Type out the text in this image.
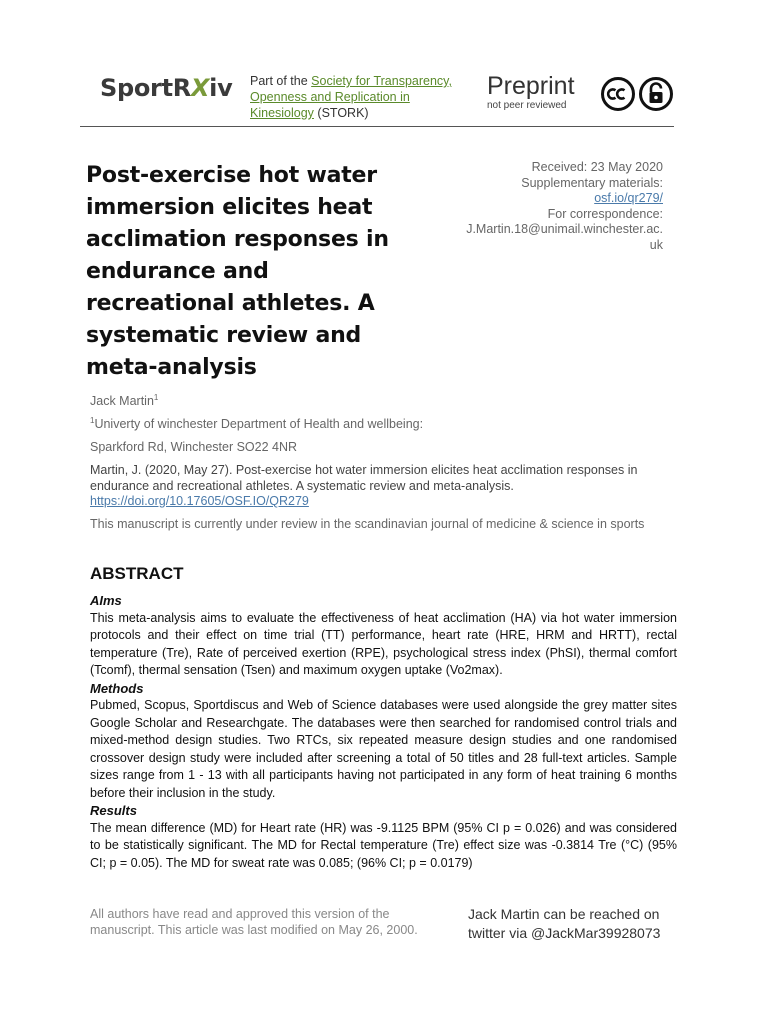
SportRXiv Part of the Society for Transparency, Openness and Replication in Kinesiology (STORK)
Preprint
not peer reviewed
Post-exercise hot water immersion elicites heat acclimation responses in endurance and recreational athletes. A systematic review and meta-analysis
Received: 23 May 2020
Supplementary materials:
osf.io/qr279/
For correspondence:
J.Martin.18@unimail.winchester.ac.uk
Jack Martin$^1$
$^1$Univerty of winchester Department of Health and wellbeing:
Sparkford Rd, Winchester SO22 4NR
Martin, J. (2020, May 27). Post-exercise hot water immersion elicites heat acclimation responses in endurance and recreational athletes. A systematic review and meta-analysis.
https://doi.org/10.17605/OSF.IO/QR279
This manuscript is currently under review in the scandinavian journal of medicine & science in sports
ABSTRACT
AIms

This meta-analysis aims to evaluate the effectiveness of heat acclimation (HA) via hot water immersion protocols and their effect on time trial (TT) performance, heart rate (HRE, HRM and HRTT), rectal temperature (Tre), Rate of perceived exertion (RPE), psychological stress index (PhSI), thermal comfort (Tcomf), thermal sensation (Tsen) and maximum oxygen uptake (Vo2max).

Methods

Pubmed, Scopus, Sportdiscus and Web of Science databases were used alongside the grey matter sites Google Scholar and Researchgate. The databases were then searched for randomised control trials and mixed-method design studies. Two RTCs, six repeated measure design studies and one randomised crossover design study were included after screening a total of 50 titles and 28 full-text articles. Sample sizes range from 1 - 13 with all participants having not participated in any form of heat training 6 months before their inclusion in the study.

Results

The mean difference (MD) for Heart rate (HR) was -9.1125 BPM (95% CI p = 0.026) and was considered to be statistically significant. The MD for Rectal temperature (Tre) effect size was -0.3814 Tre (°C) (95% CI; p = 0.05). The MD for sweat rate was 0.085; (96% CI; p = 0.0179)

All authors have read and approved this version of the manuscript. This article was last modified on May 26, 2000.
Jack Martin can be reached on twitter via @JackMar39928073
